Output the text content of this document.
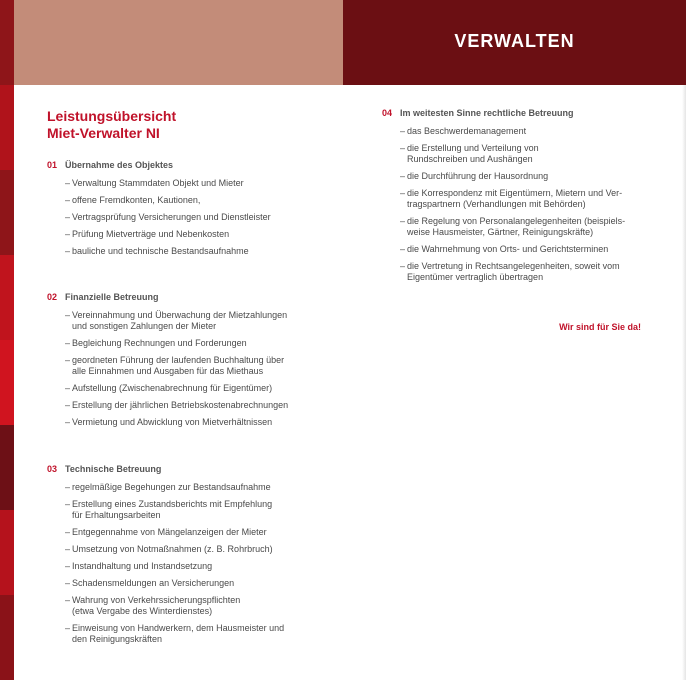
VERWALTEN
Leistungsübersicht
Miet-Verwalter NI
01 Übernahme des Objektes
– Verwaltung Stammdaten Objekt und Mieter
– offene Fremdkonten, Kautionen,
– Vertragsprüfung Versicherungen und Dienstleister
– Prüfung Mietverträge und Nebenkosten
– bauliche und technische Bestandsaufnahme
02 Finanzielle Betreuung
– Vereinnahmung und Überwachung der Mietzahlungen
und sonstigen Zahlungen der Mieter
– Begleichung Rechnungen und Forderungen
– geordneten Führung der laufenden Buchhaltung über
alle Einnahmen und Ausgaben für das Miethaus
– Aufstellung (Zwischenabrechnung für Eigentümer)
– Erstellung der jährlichen Betriebskostenabrechnungen
– Vermietung und Abwicklung von Mietverhältnissen
03 Technische Betreuung
– regelmäßige Begehungen zur Bestandsaufnahme
– Erstellung eines Zustandsberichts mit Empfehlung
für Erhaltungsarbeiten
– Entgegennahme von Mängelanzeigen der Mieter
– Umsetzung von Notmaßnahmen (z. B. Rohrbruch)
– Instandhaltung und Instandsetzung
– Schadensmeldungen an Versicherungen
– Wahrung von Verkehrssicherungspflichten
(etwa Vergabe des Winterdienstes)
– Einweisung von Handwerkern, dem Hausmeister und
den Reinigungskräften
04 Im weitesten Sinne rechtliche Betreuung
– das Beschwerdemanagement
– die Erstellung und Verteilung von
Rundschreiben und Aushängen
– die Durchführung der Hausordnung
– die Korrespondenz mit Eigentümern, Mietern und Ver-
tragspartnern (Verhandlungen mit Behörden)
– die Regelung von Personalangelegenheiten (beispiels-
weise Hausmeister, Gärtner, Reinigungskräfte)
– die Wahrnehmung von Orts- und Gerichtsterminen
– die Vertretung in Rechtsangelegenheiten, soweit vom
Eigentümer vertraglich übertragen
Wir sind für Sie da!
